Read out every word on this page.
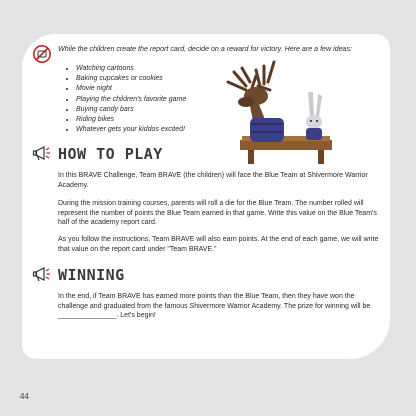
While the children create the report card, decide on a reward for victory. Here are a few ideas:

• Watching cartoons
• Baking cupcakes or cookies
• Movie night
• Playing the children's favorite game
• Buying candy bars
• Riding bikes
• Whatever gets your kiddos excited!
HOW TO PLAY

In this BRAVE Challenge, Team BRAVE (the children) will face the Blue Team at Shivermore Warrior Academy.

During the mission training courses, parents will roll a die for the Blue Team. The number rolled will represent the number of points the Blue Team earned in that game. Write this value on the Blue Team's half of the academy report card.

As you follow the instructions, Team BRAVE will also earn points. At the end of each game, we will write that value on the report card under "Team BRAVE."

WINNING

In the end, if Team BRAVE has earned more points than the Blue Team, then they have won the challenge and graduated from the famous Shivermore Warrior Academy. The prize for winning will be _______________. Let's begin!

44
